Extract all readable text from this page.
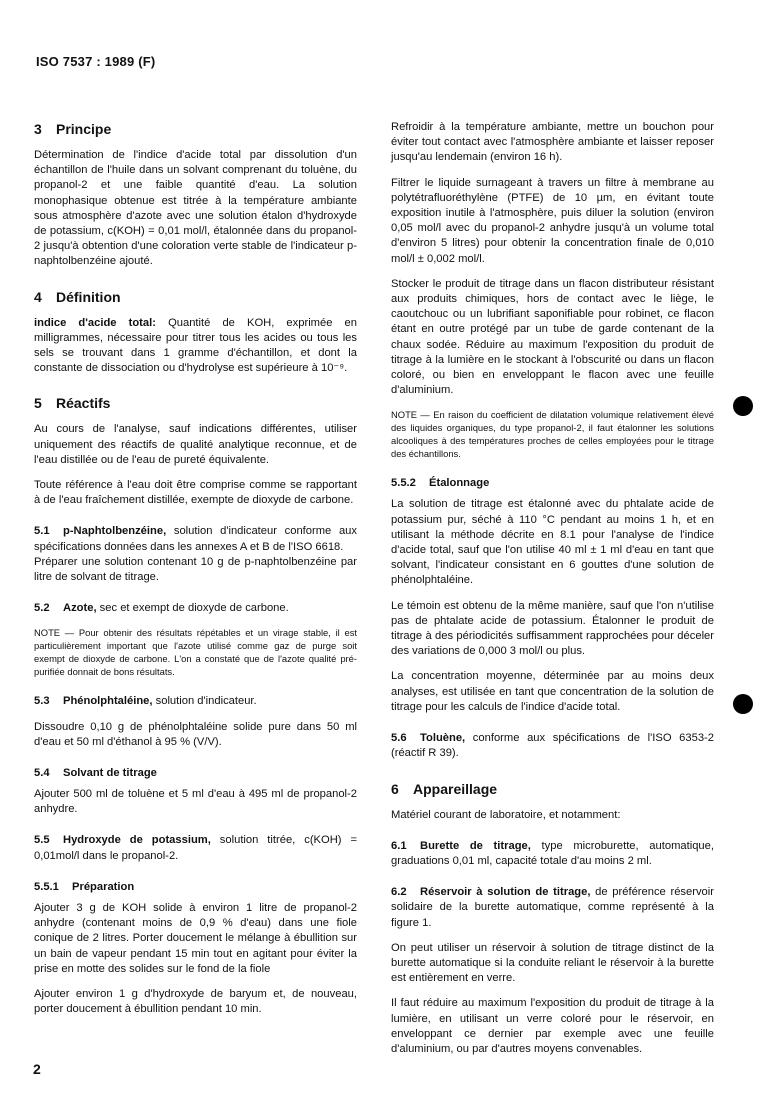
ISO 7537 : 1989 (F)
3 Principe

Détermination de l'indice d'acide total par dissolution d'un échantillon de l'huile dans un solvant comprenant du toluène, du propanol-2 et une faible quantité d'eau. La solution monophasique obtenue est titrée à la température ambiante sous atmosphère d'azote avec une solution étalon d'hydroxyde de potassium, c(KOH) = 0,01 mol/l, étalonnée dans du propanol-2 jusqu'à obtention d'une coloration verte stable de l'indicateur p-naphtolbenzéine ajouté.

4 Définition

indice d'acide total: Quantité de KOH, exprimée en milligrammes, nécessaire pour titrer tous les acides ou tous les sels se trouvant dans 1 gramme d'échantillon, et dont la constante de dissociation ou d'hydrolyse est supérieure à 10⁻⁹.

5 Réactifs

Au cours de l'analyse, sauf indications différentes, utiliser uniquement des réactifs de qualité analytique reconnue, et de l'eau distillée ou de l'eau de pureté équivalente.

Toute référence à l'eau doit être comprise comme se rapportant à de l'eau fraîchement distillée, exempte de dioxyde de carbone.

5.1 p-Naphtolbenzéine, solution d'indicateur conforme aux spécifications données dans les annexes A et B de l'ISO 6618.
Préparer une solution contenant 10 g de p-naphtolbenzéine par litre de solvant de titrage.

5.2 Azote, sec et exempt de dioxyde de carbone.

NOTE — Pour obtenir des résultats répétables et un virage stable, il est particulièrement important que l'azote utilisé comme gaz de purge soit exempt de dioxyde de carbone. L'on a constaté que de l'azote qualité pré-purifiée donnait de bons résultats.

5.3 Phénolphtaléine, solution d'indicateur.

Dissoudre 0,10 g de phénolphtaléine solide pure dans 50 ml d'eau et 50 ml d'éthanol à 95 % (V/V).

5.4 Solvant de titrage

Ajouter 500 ml de toluène et 5 ml d'eau à 495 ml de propanol-2 anhydre.

5.5 Hydroxyde de potassium, solution titrée, c(KOH) = 0,01mol/l dans le propanol-2.

5.5.1 Préparation

Ajouter 3 g de KOH solide à environ 1 litre de propanol-2 anhydre (contenant moins de 0,9 % d'eau) dans une fiole conique de 2 litres. Porter doucement le mélange à ébullition sur un bain de vapeur pendant 15 min tout en agitant pour éviter la prise en motte des solides sur le fond de la fiole

Ajouter environ 1 g d'hydroxyde de baryum et, de nouveau, porter doucement à ébullition pendant 10 min.

Refroidir à la température ambiante, mettre un bouchon pour éviter tout contact avec l'atmosphère ambiante et laisser reposer jusqu'au lendemain (environ 16 h).

Filtrer le liquide surnageant à travers un filtre à membrane au polytétrafluoréthylène (PTFE) de 10 µm, en évitant toute exposition inutile à l'atmosphère, puis diluer la solution (environ 0,05 mol/l avec du propanol-2 anhydre jusqu'à un volume total d'environ 5 litres) pour obtenir la concentration finale de 0,010 mol/l ± 0,002 mol/l.

Stocker le produit de titrage dans un flacon distributeur résistant aux produits chimiques, hors de contact avec le liège, le caoutchouc ou un lubrifiant saponifiable pour robinet, ce flacon étant en outre protégé par un tube de garde contenant de la chaux sodée. Réduire au maximum l'exposition du produit de titrage à la lumière en le stockant à l'obscurité ou dans un flacon coloré, ou bien en enveloppant le flacon avec une feuille d'aluminium.

NOTE — En raison du coefficient de dilatation volumique relativement élevé des liquides organiques, du type propanol-2, il faut étalonner les solutions alcooliques à des températures proches de celles employées pour le titrage des échantillons.

5.5.2 Étalonnage

La solution de titrage est étalonné avec du phtalate acide de potassium pur, séché à 110 °C pendant au moins 1 h, et en utilisant la méthode décrite en 8.1 pour l'analyse de l'indice d'acide total, sauf que l'on utilise 40 ml ± 1 ml d'eau en tant que solvant, l'indicateur consistant en 6 gouttes d'une solution de phénolphtaléine.

Le témoin est obtenu de la même manière, sauf que l'on n'utilise pas de phtalate acide de potassium. Étalonner le produit de titrage à des périodicités suffisamment rapprochées pour déceler des variations de 0,000 3 mol/l ou plus.

La concentration moyenne, déterminée par au moins deux analyses, est utilisée en tant que concentration de la solution de titrage pour les calculs de l'indice d'acide total.

5.6 Toluène, conforme aux spécifications de l'ISO 6353-2 (réactif R 39).

6 Appareillage

Matériel courant de laboratoire, et notamment:

6.1 Burette de titrage, type microburette, automatique, graduations 0,01 ml, capacité totale d'au moins 2 ml.

6.2 Réservoir à solution de titrage, de préférence réservoir solidaire de la burette automatique, comme représenté à la figure 1.

On peut utiliser un réservoir à solution de titrage distinct de la burette automatique si la conduite reliant le réservoir à la burette est entièrement en verre.

Il faut réduire au maximum l'exposition du produit de titrage à la lumière, en utilisant un verre coloré pour le réservoir, en enveloppant ce dernier par exemple avec une feuille d'aluminium, ou par d'autres moyens convenables.

2
